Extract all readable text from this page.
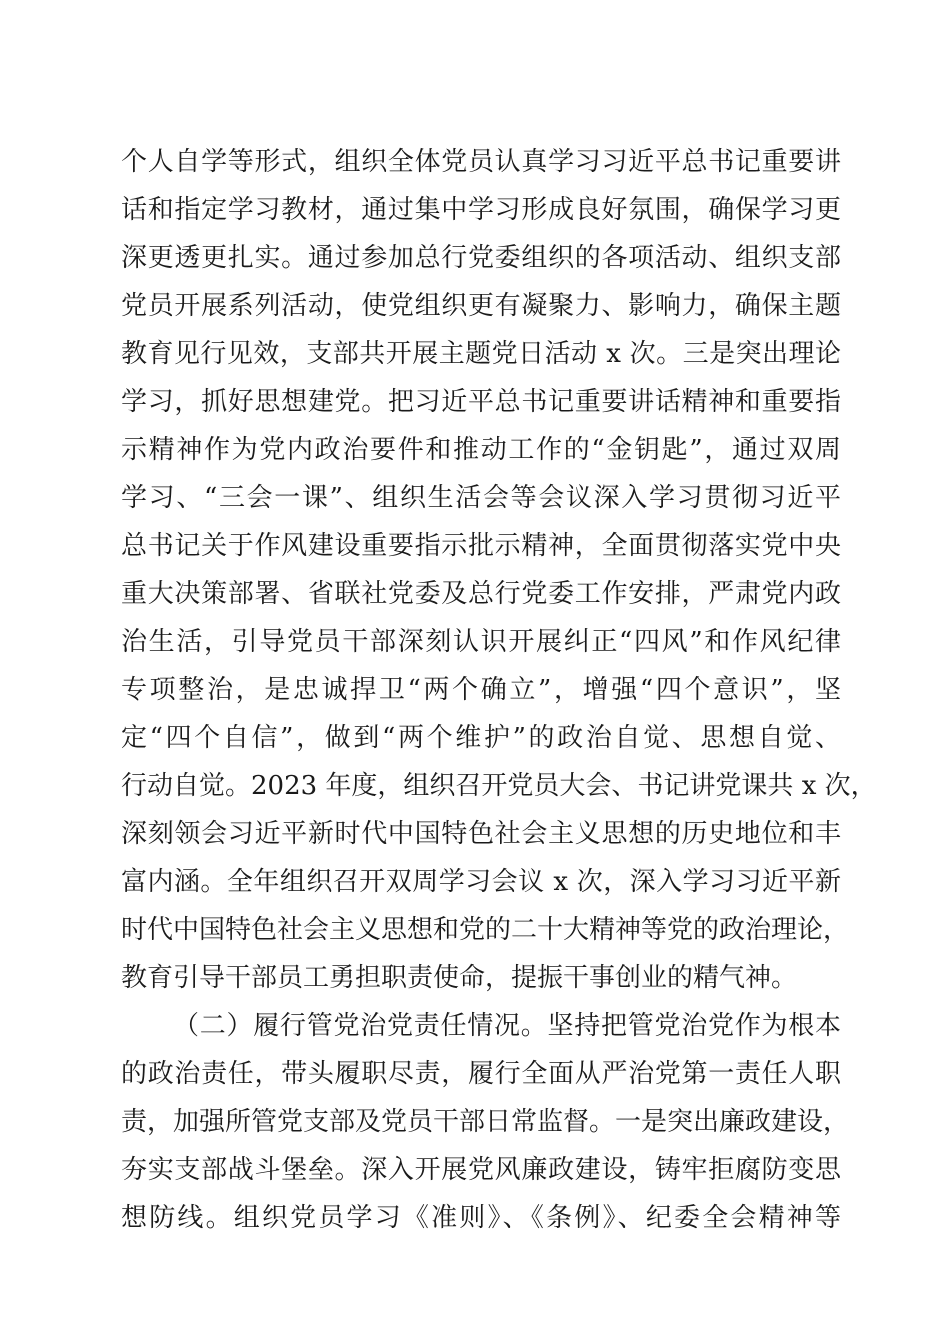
个人自学等形式，组织全体党员认真学习习近平总书记重要讲
话和指定学习教材，通过集中学习形成良好氛围，确保学习更
深更透更扎实。通过参加总行党委组织的各项活动、组织支部
党员开展系列活动，使党组织更有凝聚力、影响力，确保主题
教育见行见效，支部共开展主题党日活动 x 次。三是突出理论
学习，抓好思想建党。把习近平总书记重要讲话精神和重要指
示精神作为党内政治要件和推动工作的“金钥匙”，通过双周
学习、“三会一课”、组织生活会等会议深入学习贯彻习近平
总书记关于作风建设重要指示批示精神，全面贯彻落实党中央
重大决策部署、省联社党委及总行党委工作安排，严肃党内政
治生活，引导党员干部深刻认识开展纠正“四风”和作风纪律
专项整治，是忠诚捍卫“两个确立”，增强“四个意识”，坚
定“四个自信”，做到“两个维护”的政治自觉、思想自觉、
行动自觉。2023 年度，组织召开党员大会、书记讲党课共 x 次，
深刻领会习近平新时代中国特色社会主义思想的历史地位和丰
富内涵。全年组织召开双周学习会议 x 次，深入学习习近平新
时代中国特色社会主义思想和党的二十大精神等党的政治理论，
教育引导干部员工勇担职责使命，提振干事创业的精气神。
（二）履行管党治党责任情况。坚持把管党治党作为根本
的政治责任，带头履职尽责，履行全面从严治党第一责任人职
责，加强所管党支部及党员干部日常监督。一是突出廉政建设，
夯实支部战斗堡垒。深入开展党风廉政建设，铸牢拒腐防变思
想防线。组织党员学习《准则》、《条例》、纪委全会精神等
